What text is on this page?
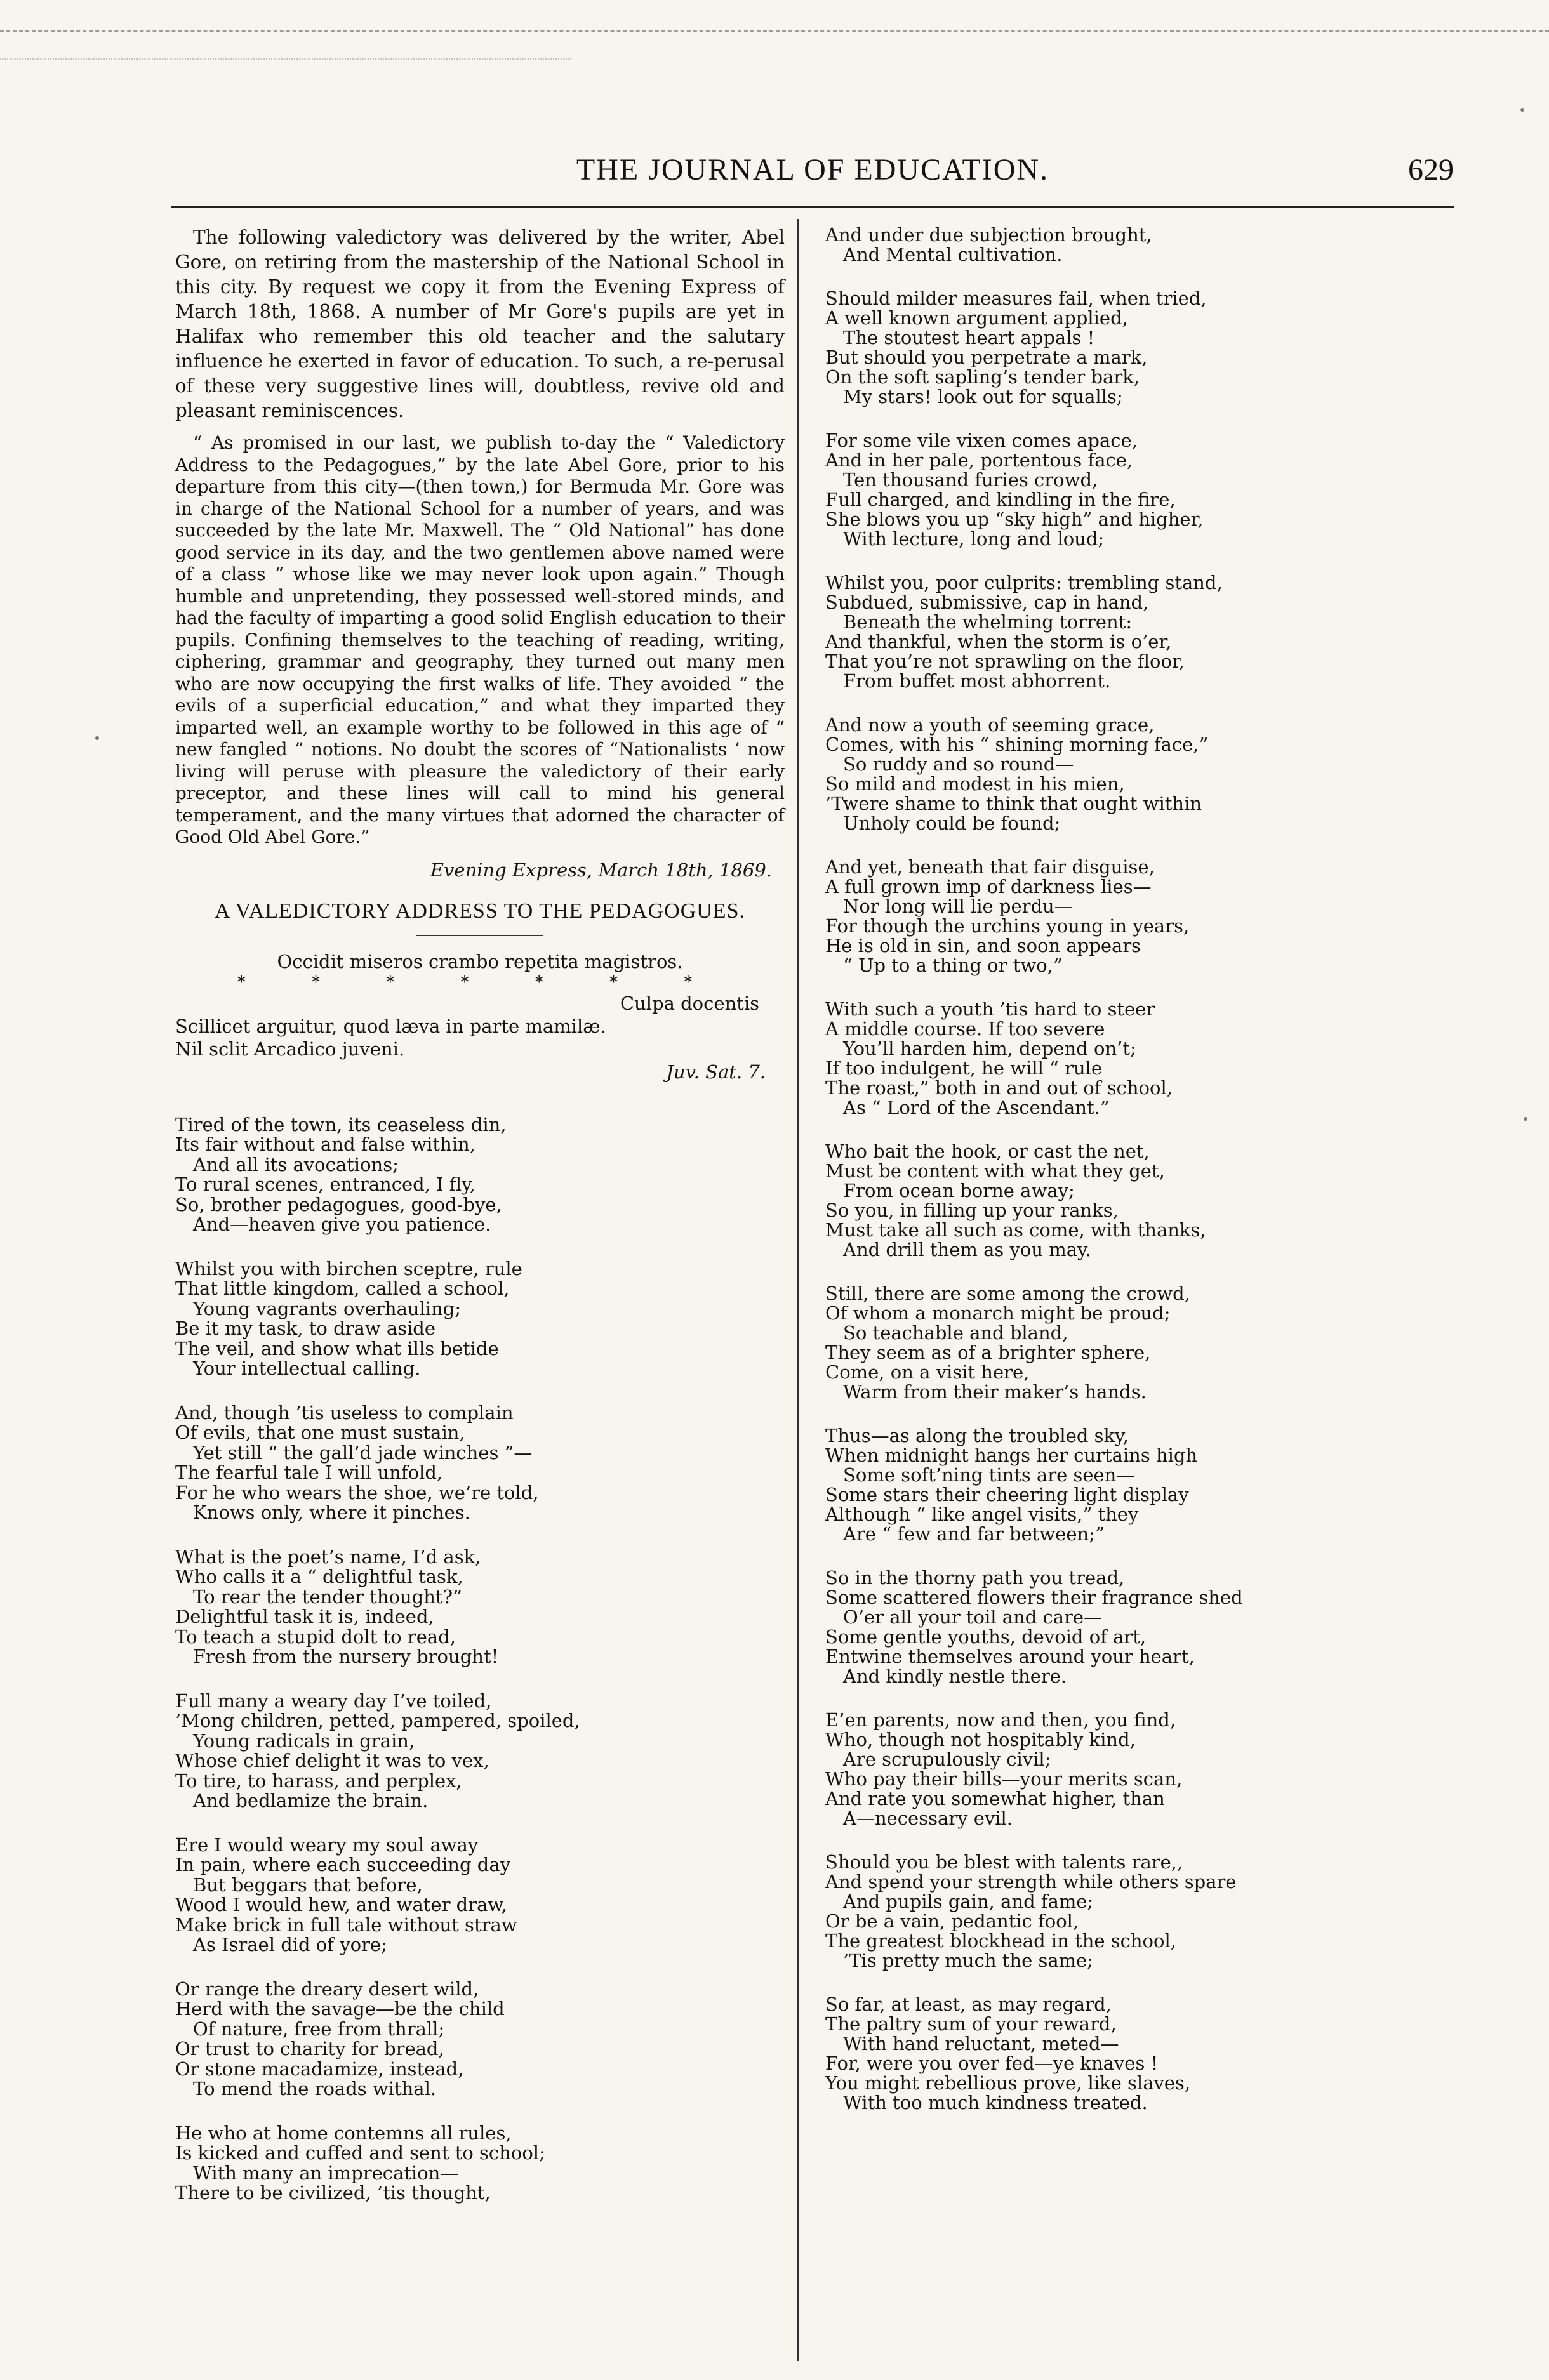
THE JOURNAL OF EDUCATION.	629

The following valedictory was delivered by the writer, Abel Gore, on retiring from the mastership of the National School in this city. By request we copy it from the Evening Express of March 18th, 1868. A number of Mr Gore's pupils are yet in Halifax who remember this old teacher and the salutary influence he exerted in favor of education. To such, a re-perusal of these very suggestive lines will, doubtless, revive old and pleasant reminiscences.

“ As promised in our last, we publish to-day the “ Valedictory Address to the Pedagogues,” by the late Abel Gore, prior to his departure from this city—(then town,) for Bermuda Mr. Gore was in charge of the National School for a number of years, and was succeeded by the late Mr. Maxwell. The “ Old National” has done good service in its day, and the two gentlemen above named were of a class “ whose like we may never look upon again.” Though humble and unpretending, they possessed well-stored minds, and had the faculty of imparting a good solid English education to their pupils. Confining themselves to the teaching of reading, writing, ciphering, grammar and geography, they turned out many men who are now occupying the first walks of life. They avoided “ the evils of a superficial education,” and what they imparted they imparted well, an example worthy to be followed in this age of “ new fangled ” notions. No doubt the scores of “Nationalists ’ now living will peruse with pleasure the valedictory of their early preceptor, and these lines will call to mind his general temperament, and the many virtues that adorned the character of Good Old Abel Gore.”

Evening Express, March 18th, 1869.
A VALEDICTORY ADDRESS TO THE PEDAGOGUES.

Occidit miseros crambo repetita magistros.

* * * * * * *

Culpa docentis

Scillicet arguitur, quod læva in parte mamilæ.

Nil sclit Arcadico juveni.

Juv. Sat. 7.

Tired of the town, its ceaseless din,

Its fair without and false within,

And all its avocations;

To rural scenes, entranced, I fly,

So, brother pedagogues, good-bye,

And—heaven give you patience.

Whilst you with birchen sceptre, rule

That little kingdom, called a school,

Young vagrants overhauling;

Be it my task, to draw aside

The veil, and show what ills betide

Your intellectual calling.

And, though ’tis useless to complain

Of evils, that one must sustain,

Yet still “ the gall’d jade winches ”—

The fearful tale I will unfold,

For he who wears the shoe, we’re told,

Knows only, where it pinches.

What is the poet’s name, I’d ask,

Who calls it a “ delightful task,

To rear the tender thought?”

Delightful task it is, indeed,

To teach a stupid dolt to read,

Fresh from the nursery brought!

Full many a weary day I’ve toiled,

’Mong children, petted, pampered, spoiled,

Young radicals in grain,

Whose chief delight it was to vex,

To tire, to harass, and perplex,

And bedlamize the brain.

Ere I would weary my soul away

In pain, where each succeeding day

But beggars that before,

Wood I would hew, and water draw,

Make brick in full tale without straw

As Israel did of yore;

Or range the dreary desert wild,

Herd with the savage—be the child

Of nature, free from thrall;

Or trust to charity for bread,

Or stone macadamize, instead,

To mend the roads withal.

He who at home contemns all rules,

Is kicked and cuffed and sent to school;

With many an imprecation—

There to be civilized, ’tis thought,

And under due subjection brought,

And Mental cultivation.

Should milder measures fail, when tried,

A well known argument applied,

The stoutest heart appals !

But should you perpetrate a mark,

On the soft sapling’s tender bark,

My stars! look out for squalls;

For some vile vixen comes apace,

And in her pale, portentous face,

Ten thousand furies crowd,

Full charged, and kindling in the fire,

She blows you up “sky high” and higher,

With lecture, long and loud;

Whilst you, poor culprits: trembling stand,

Subdued, submissive, cap in hand,

Beneath the whelming torrent:

And thankful, when the storm is o’er,

That you’re not sprawling on the floor,

From buffet most abhorrent.

And now a youth of seeming grace,

Comes, with his “ shining morning face,”

So ruddy and so round—

So mild and modest in his mien,

’Twere shame to think that ought within

Unholy could be found;

And yet, beneath that fair disguise,

A full grown imp of darkness lies—

Nor long will lie perdu—

For though the urchins young in years,

He is old in sin, and soon appears

“ Up to a thing or two,”

With such a youth ’tis hard to steer

A middle course. If too severe

You’ll harden him, depend on’t;

If too indulgent, he will “ rule

The roast,” both in and out of school,

As “ Lord of the Ascendant.”

Who bait the hook, or cast the net,

Must be content with what they get,

From ocean borne away;

So you, in filling up your ranks,

Must take all such as come, with thanks,

And drill them as you may.

Still, there are some among the crowd,

Of whom a monarch might be proud;

So teachable and bland,

They seem as of a brighter sphere,

Come, on a visit here,

Warm from their maker’s hands.

Thus—as along the troubled sky,

When midnight hangs her curtains high

Some soft’ning tints are seen—

Some stars their cheering light display

Although “ like angel visits,” they

Are “ few and far between;”

So in the thorny path you tread,

Some scattered flowers their fragrance shed

O’er all your toil and care—

Some gentle youths, devoid of art,

Entwine themselves around your heart,

And kindly nestle there.

E’en parents, now and then, you find,

Who, though not hospitably kind,

Are scrupulously civil;

Who pay their bills—your merits scan,

And rate you somewhat higher, than

A—necessary evil.

Should you be blest with talents rare,,

And spend your strength while others spare

And pupils gain, and fame;

Or be a vain, pedantic fool,

The greatest blockhead in the school,

’Tis pretty much the same;

So far, at least, as may regard,

The paltry sum of your reward,

With hand reluctant, meted—

For, were you over fed—ye knaves !

You might rebellious prove, like slaves,

With too much kindness treated.
